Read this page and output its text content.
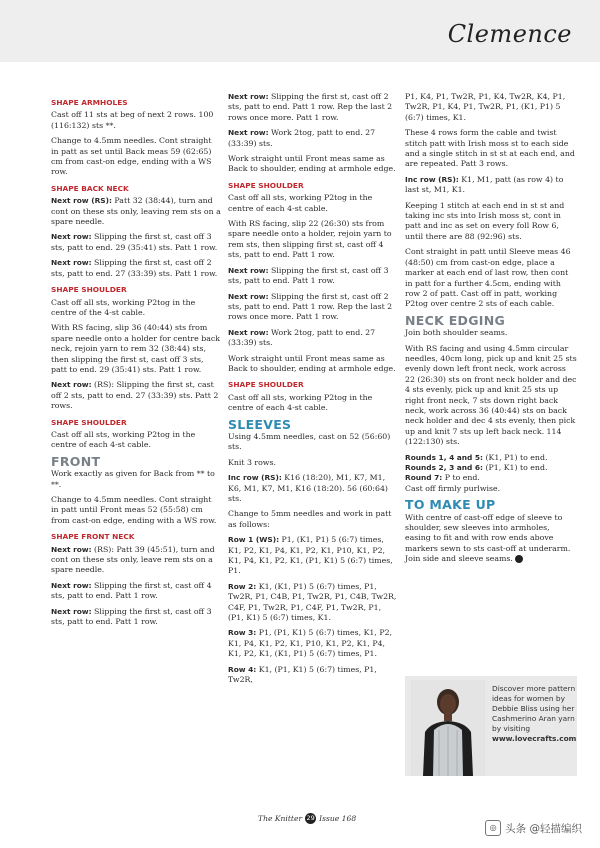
Clemence
SHAPE ARMHOLES

Cast off 11 sts at beg of next 2 rows. 100 (116:132) sts **.

Change to 4.5mm needles. Cont straight in patt as set until Back meas 59 (62:65) cm from cast-on edge, ending with a WS row.

SHAPE BACK NECK

Next row (RS): Patt 32 (38:44), turn and cont on these sts only, leaving rem sts on a spare needle.

Next row: Slipping the first st, cast off 3 sts, patt to end. 29 (35:41) sts. Patt 1 row.

Next row: Slipping the first st, cast off 2 sts, patt to end. 27 (33:39) sts. Patt 1 row.

SHAPE SHOULDER

Cast off all sts, working P2tog in the centre of the 4-st cable.

With RS facing, slip 36 (40:44) sts from spare needle onto a holder for centre back neck, rejoin yarn to rem 32 (38:44) sts, then slipping the first st, cast off 3 sts, patt to end. 29 (35:41) sts. Patt 1 row.

Next row: (RS): Slipping the first st, cast off 2 sts, patt to end. 27 (33:39) sts. Patt 2 rows.

SHAPE SHOULDER

Cast off all sts, working P2tog in the centre of each 4-st cable.

FRONT

Work exactly as given for Back from ** to **.

Change to 4.5mm needles. Cont straight in patt until Front meas 52 (55:58) cm from cast-on edge, ending with a WS row.

SHAPE FRONT NECK

Next row: (RS): Patt 39 (45:51), turn and cont on these sts only, leave rem sts on a spare needle.

Next row: Slipping the first st, cast off 4 sts, patt to end. Patt 1 row.

Next row: Slipping the first st, cast off 3 sts, patt to end. Patt 1 row.

Next row: Slipping the first st, cast off 2 sts, patt to end. Patt 1 row. Rep the last 2 rows once more. Patt 1 row.

Next row: Work 2tog, patt to end. 27 (33:39) sts.

Work straight until Front meas same as Back to shoulder, ending at armhole edge.

SHAPE SHOULDER

Cast off all sts, working P2tog in the centre of each 4-st cable.

With RS facing, slip 22 (26:30) sts from spare needle onto a holder, rejoin yarn to rem sts, then slipping first st, cast off 4 sts, patt to end. Patt 1 row.

Next row: Slipping the first st, cast off 3 sts, patt to end. Patt 1 row.

Next row: Slipping the first st, cast off 2 sts, patt to end. Patt 1 row. Rep the last 2 rows once more. Patt 1 row.

Next row: Work 2tog, patt to end. 27 (33:39) sts.

Work straight until Front meas same as Back to shoulder, ending at armhole edge.

SHAPE SHOULDER

Cast off all sts, working P2tog in the centre of each 4-st cable.

SLEEVES

Using 4.5mm needles, cast on 52 (56:60) sts.

Knit 3 rows.

Inc row (RS): K16 (18:20), M1, K7, M1, K6, M1, K7, M1, K16 (18:20). 56 (60:64) sts.

Change to 5mm needles and work in patt as follows:

Row 1 (WS): P1, (K1, P1) 5 (6:7) times, K1, P2, K1, P4, K1, P2, K1, P10, K1, P2, K1, P4, K1, P2, K1, (P1, K1) 5 (6:7) times, P1.

Row 2: K1, (K1, P1) 5 (6:7) times, P1, Tw2R, P1, C4B, P1, Tw2R, P1, C4B, Tw2R, C4F, P1, Tw2R, P1, C4F, P1, Tw2R, P1, (P1, K1) 5 (6:7) times, K1.

Row 3: P1, (P1, K1) 5 (6:7) times, K1, P2, K1, P4, K1, P2, K1, P10, K1, P2, K1, P4, K1, P2, K1, (K1, P1) 5 (6:7) times, P1.

Row 4: K1, (P1, K1) 5 (6:7) times, P1, Tw2R,

P1, K4, P1, Tw2R, P1, K4, Tw2R, K4, P1, Tw2R, P1, K4, P1, Tw2R, P1, (K1, P1) 5 (6:7) times, K1.

These 4 rows form the cable and twist stitch patt with Irish moss st to each side and a single stitch in st st at each end, and are repeated. Patt 3 rows.

Inc row (RS): K1, M1, patt (as row 4) to last st, M1, K1.

Keeping 1 stitch at each end in st st and taking inc sts into Irish moss st, cont in patt and inc as set on every foll Row 6, until there are 88 (92:96) sts.

Cont straight in patt until Sleeve meas 46 (48:50) cm from cast-on edge, place a marker at each end of last row, then cont in patt for a further 4.5cm, ending with row 2 of patt. Cast off in patt, working P2tog over centre 2 sts of each cable.

NECK EDGING

Join both shoulder seams.

With RS facing and using 4.5mm circular needles, 40cm long, pick up and knit 25 sts evenly down left front neck, work across 22 (26:30) sts on front neck holder and dec 4 sts evenly, pick up and knit 25 sts up right front neck, 7 sts down right back neck, work across 36 (40:44) sts on back neck holder and dec 4 sts evenly, then pick up and knit 7 sts up left back neck. 114 (122:130) sts.

Rounds 1, 4 and 5: (K1, P1) to end.
Rounds 2, 3 and 6: (P1, K1) to end.
Round 7: P to end.
Cast off firmly purlwise.

TO MAKE UP

With centre of cast-off edge of sleeve to shoulder, sew sleeves into armholes, easing to fit and with row ends above markers sewn to sts cast-off at underarm. Join side and sleeve seams.

Discover more pattern ideas for women by Debbie Bliss using her Cashmerino Aran yarn by visiting www.lovecrafts.com
The Knitter 29 Issue 168
◎ 头条 @轻描编织
